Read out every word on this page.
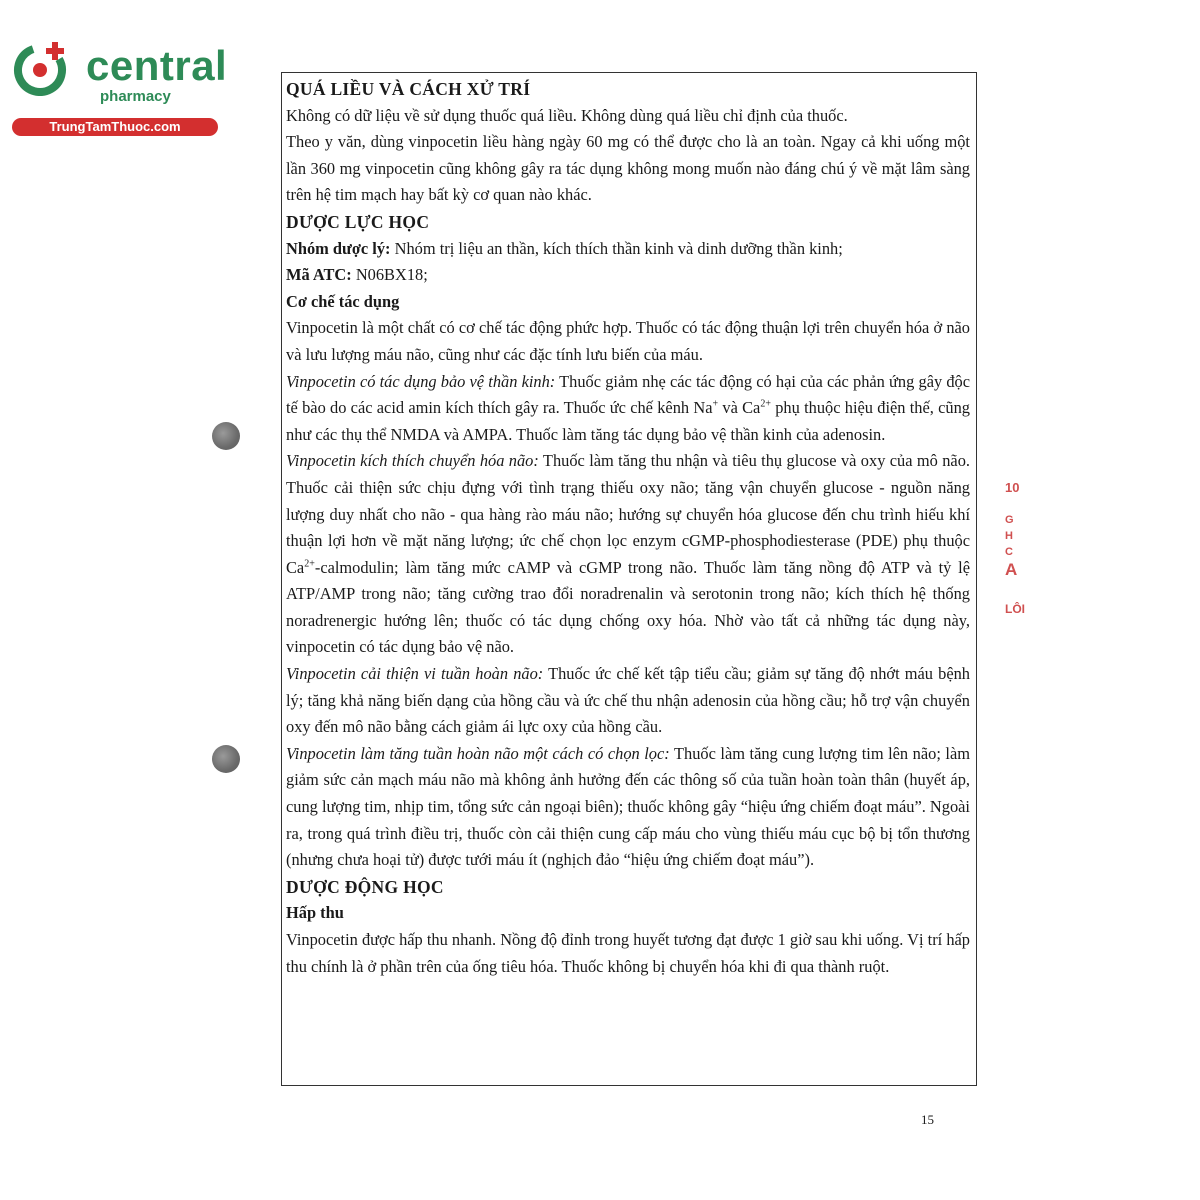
central
pharmacy
TrungTamThuoc.com

QUÁ LIỀU VÀ CÁCH XỬ TRÍ

Không có dữ liệu về sử dụng thuốc quá liều. Không dùng quá liều chỉ định của thuốc.

Theo y văn, dùng vinpocetin liều hàng ngày 60 mg có thể được cho là an toàn. Ngay cả khi uống một lần 360 mg vinpocetin cũng không gây ra tác dụng không mong muốn nào đáng chú ý về mặt lâm sàng trên hệ tim mạch hay bất kỳ cơ quan nào khác.

DƯỢC LỰC HỌC

Nhóm dược lý: Nhóm trị liệu an thần, kích thích thần kinh và dinh dưỡng thần kinh;

Mã ATC: N06BX18;

Cơ chế tác dụng

Vinpocetin là một chất có cơ chế tác động phức hợp. Thuốc có tác động thuận lợi trên chuyển hóa ở não và lưu lượng máu não, cũng như các đặc tính lưu biến của máu.

Vinpocetin có tác dụng bảo vệ thần kinh: Thuốc giảm nhẹ các tác động có hại của các phản ứng gây độc tế bào do các acid amin kích thích gây ra. Thuốc ức chế kênh Na+ và $Ca^{2+}$ phụ thuộc hiệu điện thế, cũng như các thụ thể NMDA và AMPA. Thuốc làm tăng tác dụng bảo vệ thần kinh của adenosin.

Vinpocetin kích thích chuyển hóa não: Thuốc làm tăng thu nhận và tiêu thụ glucose và oxy của mô não. Thuốc cải thiện sức chịu đựng với tình trạng thiếu oxy não; tăng vận chuyển glucose - nguồn năng lượng duy nhất cho não - qua hàng rào máu não; hướng sự chuyển hóa glucose đến chu trình hiếu khí thuận lợi hơn về mặt năng lượng; ức chế chọn lọc enzym cGMP-phosphodiesterase (PDE) phụ thuộc $Ca^{2+}$-calmodulin; làm tăng mức cAMP và cGMP trong não. Thuốc làm tăng nồng độ ATP và tỷ lệ ATP/AMP trong não; tăng cường trao đổi noradrenalin và serotonin trong não; kích thích hệ thống noradrenergic hướng lên; thuốc có tác dụng chống oxy hóa. Nhờ vào tất cả những tác dụng này, vinpocetin có tác dụng bảo vệ não.

Vinpocetin cải thiện vi tuần hoàn não: Thuốc ức chế kết tập tiểu cầu; giảm sự tăng độ nhớt máu bệnh lý; tăng khả năng biến dạng của hồng cầu và ức chế thu nhận adenosin của hồng cầu; hỗ trợ vận chuyển oxy đến mô não bằng cách giảm ái lực oxy của hồng cầu.

Vinpocetin làm tăng tuần hoàn não một cách có chọn lọc: Thuốc làm tăng cung lượng tim lên não; làm giảm sức cản mạch máu não mà không ảnh hưởng đến các thông số của tuần hoàn toàn thân (huyết áp, cung lượng tim, nhịp tim, tổng sức cản ngoại biên); thuốc không gây “hiệu ứng chiếm đoạt máu”. Ngoài ra, trong quá trình điều trị, thuốc còn cải thiện cung cấp máu cho vùng thiếu máu cục bộ bị tổn thương (nhưng chưa hoại tử) được tưới máu ít (nghịch đảo “hiệu ứng chiếm đoạt máu”).

DƯỢC ĐỘNG HỌC

Hấp thu

Vinpocetin được hấp thu nhanh. Nồng độ đỉnh trong huyết tương đạt được 1 giờ sau khi uống. Vị trí hấp thu chính là ở phần trên của ống tiêu hóa. Thuốc không bị chuyển hóa khi đi qua thành ruột.

15
10
G
H
C
A
LÔI
